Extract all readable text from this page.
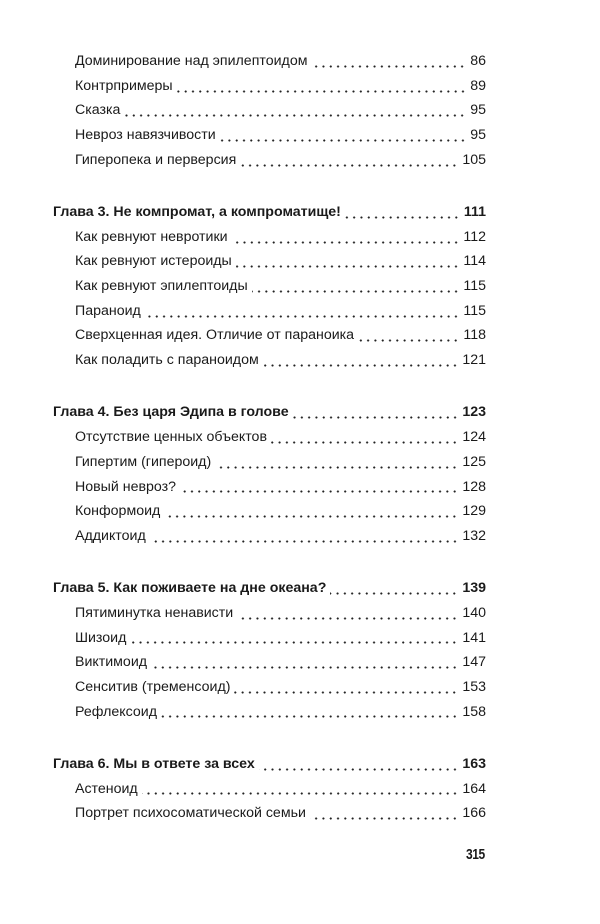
Доминирование над эпилептоидом	86
Контрпримеры	89
Сказка	95
Невроз навязчивости	95
Гиперопека и перверсия	105
Глава 3. Не компромат, а компроматище!	111
Как ревнуют невротики	112
Как ревнуют истероиды	114
Как ревнуют эпилептоиды	115
Параноид	115
Сверхценная идея. Отличие от параноика	118
Как поладить с параноидом	121
Глава 4. Без царя Эдипа в голове	123
Отсутствие ценных объектов	124
Гипертим (гипероид)	125
Новый невроз?	128
Конформоид	129
Аддиктоид	132
Глава 5. Как поживаете на дне океана?	139
Пятиминутка ненависти	140
Шизоид	141
Виктимоид	147
Сенситив (тременсоид)	153
Рефлексоид	158
Глава 6. Мы в ответе за всех	163
Астеноид	164
Портрет психосоматической семьи	166
315
